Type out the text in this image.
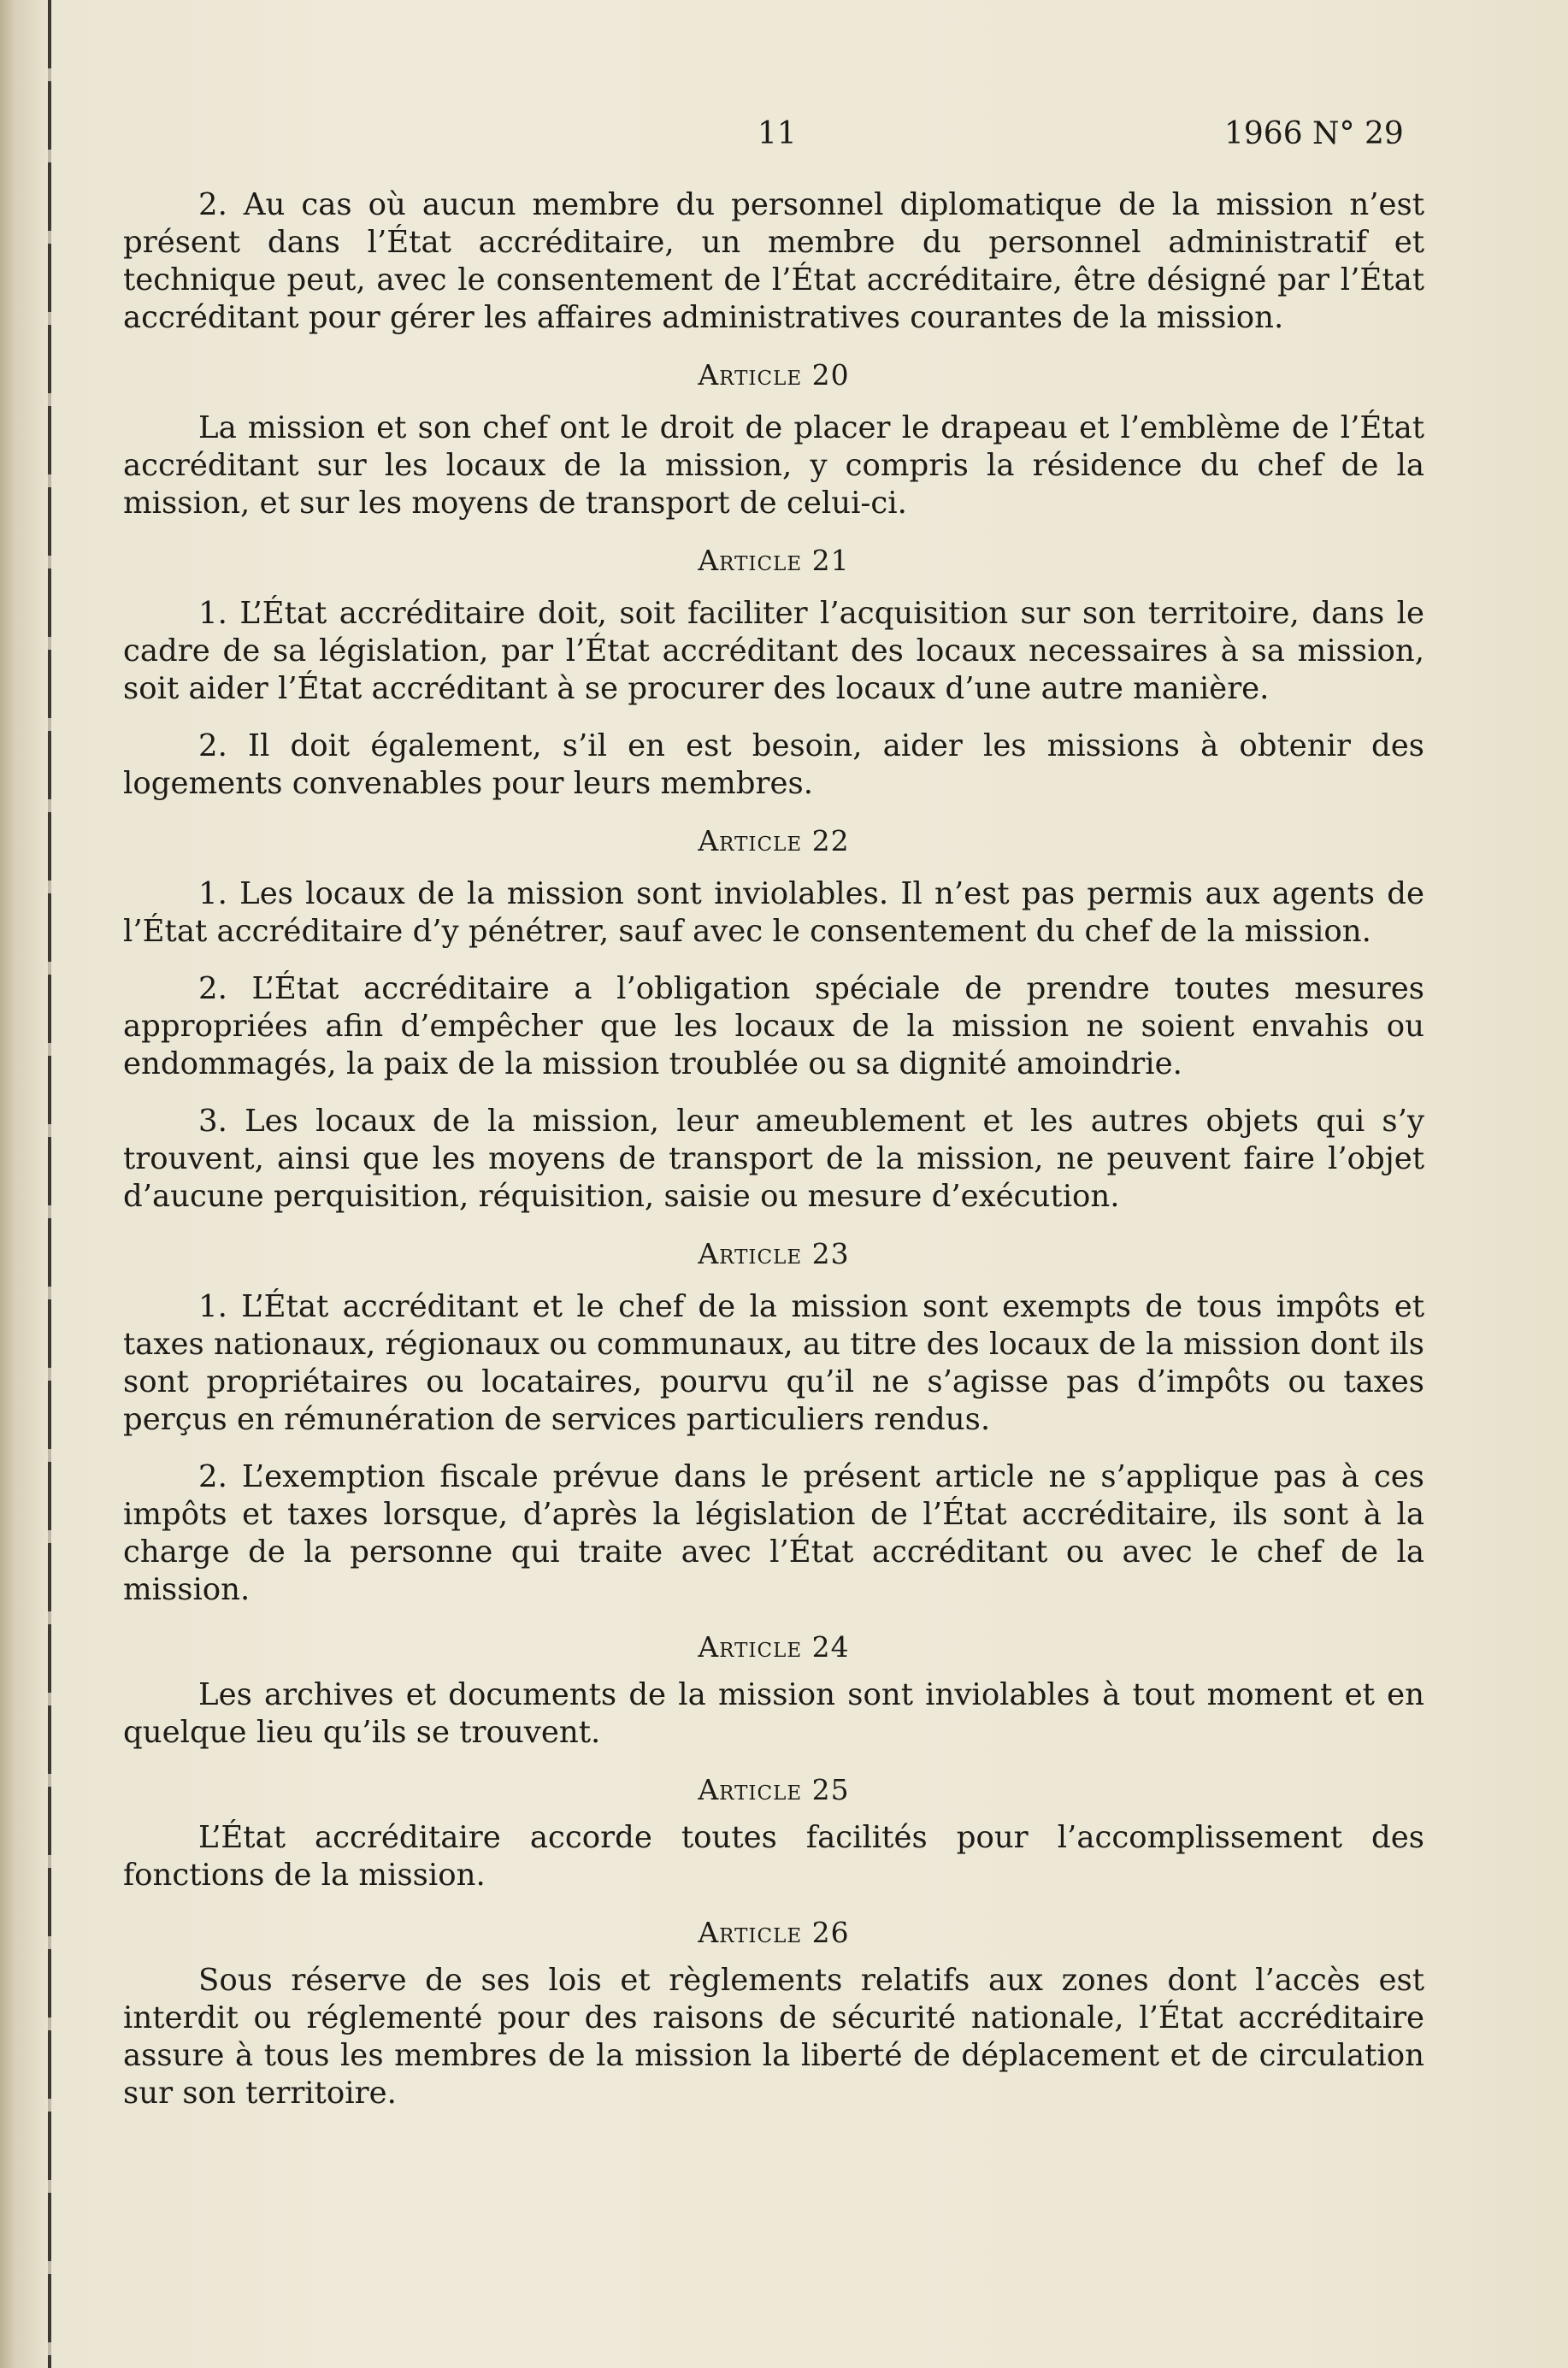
11	1966 N° 29

2. Au cas où aucun membre du personnel diplomatique de la mission n’est présent dans l’État accréditaire, un membre du personnel administratif et technique peut, avec le consentement de l’État accréditaire, être désigné par l’État accréditant pour gérer les affaires administratives courantes de la mission.

Article 20

La mission et son chef ont le droit de placer le drapeau et l’emblème de l’État accréditant sur les locaux de la mission, y compris la résidence du chef de la mission, et sur les moyens de transport de celui-ci.

Article 21

1. L’État accréditaire doit, soit faciliter l’acquisition sur son territoire, dans le cadre de sa législation, par l’État accréditant des locaux necessaires à sa mission, soit aider l’État accréditant à se procurer des locaux d’une autre manière.

2. Il doit également, s’il en est besoin, aider les missions à obtenir des logements convenables pour leurs membres.

Article 22

1. Les locaux de la mission sont inviolables. Il n’est pas permis aux agents de l’État accréditaire d’y pénétrer, sauf avec le consentement du chef de la mission.

2. L’État accréditaire a l’obligation spéciale de prendre toutes mesures appropriées afin d’empêcher que les locaux de la mission ne soient envahis ou endommagés, la paix de la mission troublée ou sa dignité amoindrie.

3. Les locaux de la mission, leur ameublement et les autres objets qui s’y trouvent, ainsi que les moyens de transport de la mission, ne peuvent faire l’objet d’aucune perquisition, réquisition, saisie ou mesure d’exécution.

Article 23

1. L’État accréditant et le chef de la mission sont exempts de tous impôts et taxes nationaux, régionaux ou communaux, au titre des locaux de la mission dont ils sont propriétaires ou locataires, pourvu qu’il ne s’agisse pas d’impôts ou taxes perçus en rémunération de services particuliers rendus.

2. L’exemption fiscale prévue dans le présent article ne s’applique pas à ces impôts et taxes lorsque, d’après la législation de l’État accréditaire, ils sont à la charge de la personne qui traite avec l’État accréditant ou avec le chef de la mission.

Article 24

Les archives et documents de la mission sont inviolables à tout moment et en quelque lieu qu’ils se trouvent.

Article 25

L’État accréditaire accorde toutes facilités pour l’accomplissement des fonctions de la mission.

Article 26

Sous réserve de ses lois et règlements relatifs aux zones dont l’accès est interdit ou réglementé pour des raisons de sécurité nationale, l’État accréditaire assure à tous les membres de la mission la liberté de déplacement et de circulation sur son territoire.
